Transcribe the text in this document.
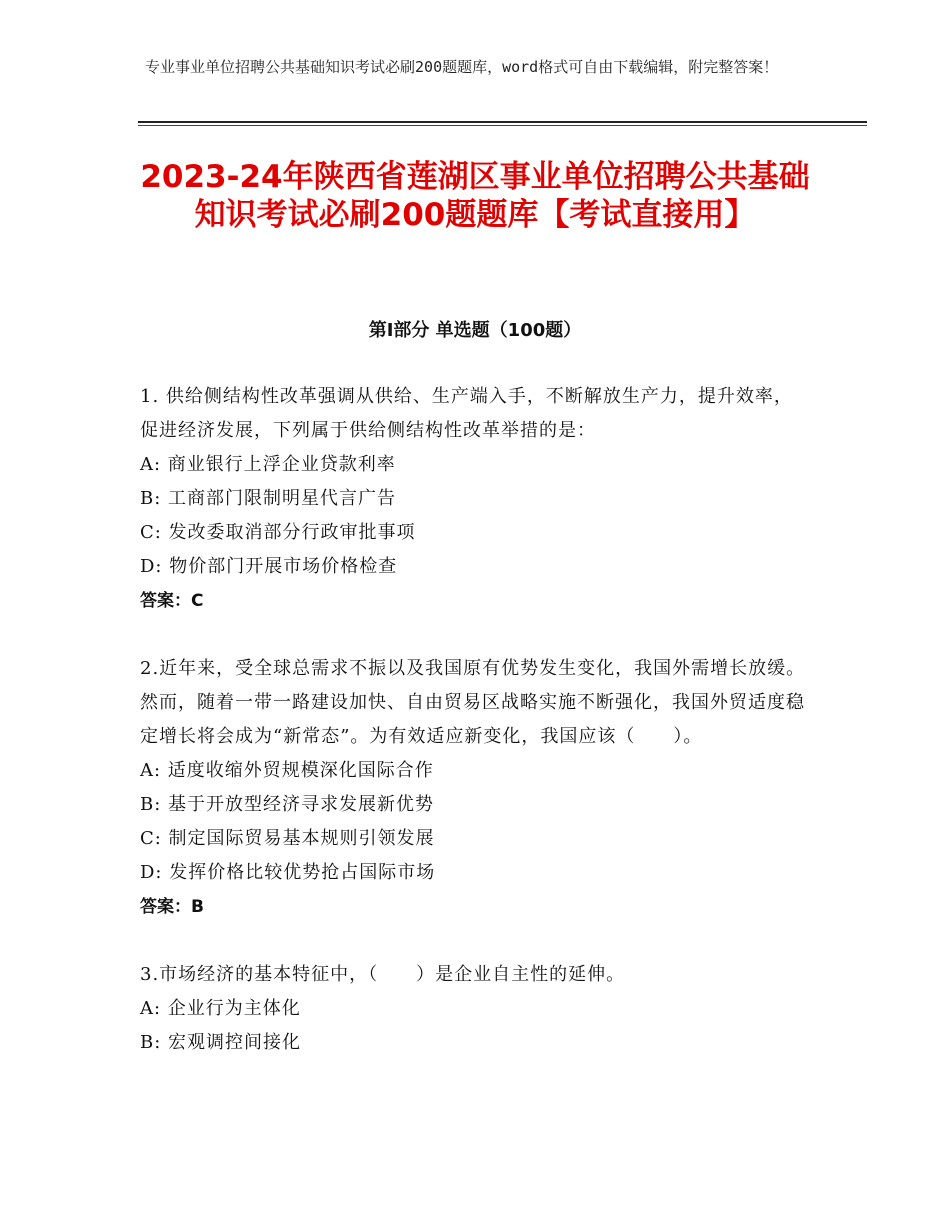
专业事业单位招聘公共基础知识考试必刷200题题库，word格式可自由下载编辑，附完整答案！
2023-24年陕西省莲湖区事业单位招聘公共基础知识考试必刷200题题库【考试直接用】
第Ⅰ部分 单选题（100题）

1. 供给侧结构性改革强调从供给、生产端入手，不断解放生产力，提升效率，促进经济发展，下列属于供给侧结构性改革举措的是：

A: 商业银行上浮企业贷款利率

B: 工商部门限制明星代言广告

C: 发改委取消部分行政审批事项

D: 物价部门开展市场价格检查

答案：C

2.近年来，受全球总需求不振以及我国原有优势发生变化，我国外需增长放缓。然而，随着一带一路建设加快、自由贸易区战略实施不断强化，我国外贸适度稳定增长将会成为“新常态”。为有效适应新变化，我国应该（　　）。

A: 适度收缩外贸规模深化国际合作

B: 基于开放型经济寻求发展新优势

C: 制定国际贸易基本规则引领发展

D: 发挥价格比较优势抢占国际市场

答案：B

3.市场经济的基本特征中，（　　）是企业自主性的延伸。

A: 企业行为主体化

B: 宏观调控间接化
